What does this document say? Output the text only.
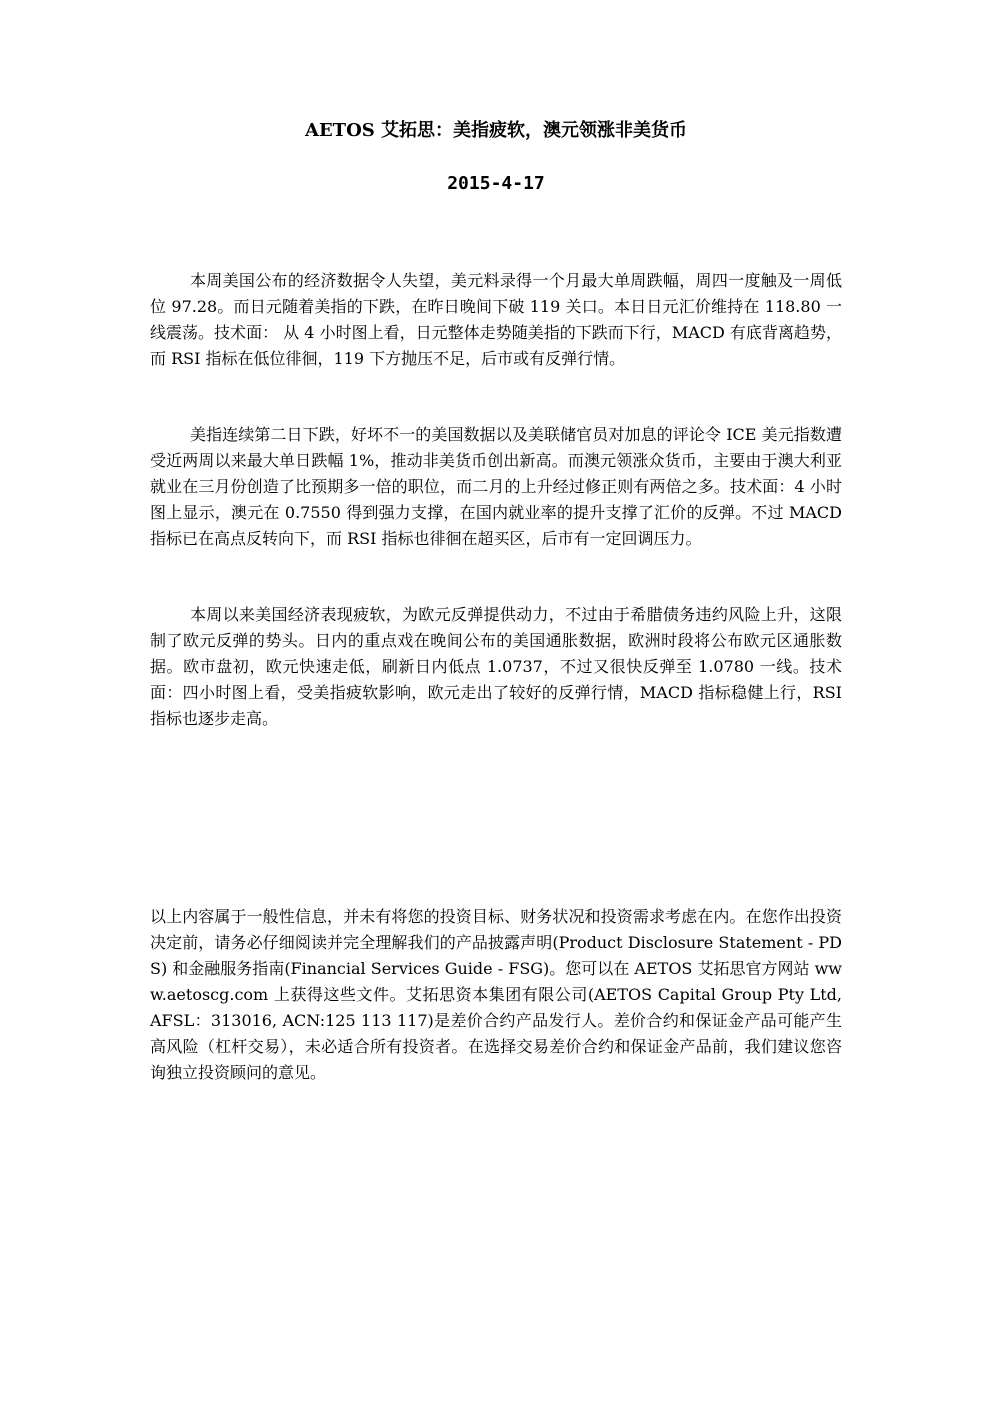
AETOS 艾拓思：美指疲软，澳元领涨非美货币
2015-4-17

本周美国公布的经济数据令人失望，美元料录得一个月最大单周跌幅，周四一度触及一周低位 97.28。而日元随着美指的下跌，在昨日晚间下破 119 关口。本日日元汇价维持在 118.80 一线震荡。技术面： 从 4 小时图上看，日元整体走势随美指的下跌而下行，MACD 有底背离趋势，而 RSI 指标在低位徘徊，119 下方抛压不足，后市或有反弹行情。

美指连续第二日下跌，好坏不一的美国数据以及美联储官员对加息的评论令 ICE 美元指数遭受近两周以来最大单日跌幅 1%，推动非美货币创出新高。而澳元领涨众货币，主要由于澳大利亚就业在三月份创造了比预期多一倍的职位，而二月的上升经过修正则有两倍之多。技术面：4 小时图上显示，澳元在 0.7550 得到强力支撑，在国内就业率的提升支撑了汇价的反弹。不过 MACD 指标已在高点反转向下，而 RSI 指标也徘徊在超买区，后市有一定回调压力。

本周以来美国经济表现疲软，为欧元反弹提供动力，不过由于希腊债务违约风险上升，这限制了欧元反弹的势头。日内的重点戏在晚间公布的美国通胀数据，欧洲时段将公布欧元区通胀数据。欧市盘初，欧元快速走低，刷新日内低点 1.0737，不过又很快反弹至 1.0780 一线。技术面：四小时图上看，受美指疲软影响，欧元走出了较好的反弹行情，MACD 指标稳健上行，RSI 指标也逐步走高。

以上内容属于一般性信息，并未有将您的投资目标、财务状况和投资需求考虑在内。在您作出投资决定前，请务必仔细阅读并完全理解我们的产品披露声明(Product Disclosure Statement - PDS) 和金融服务指南(Financial Services Guide - FSG)。您可以在 AETOS 艾拓思官方网站 www.aetoscg.com 上获得这些文件。艾拓思资本集团有限公司(AETOS Capital Group Pty Ltd, AFSL：313016, ACN:125 113 117)是差价合约产品发行人。差价合约和保证金产品可能产生高风险（杠杆交易），未必适合所有投资者。在选择交易差价合约和保证金产品前，我们建议您咨询独立投资顾问的意见。
